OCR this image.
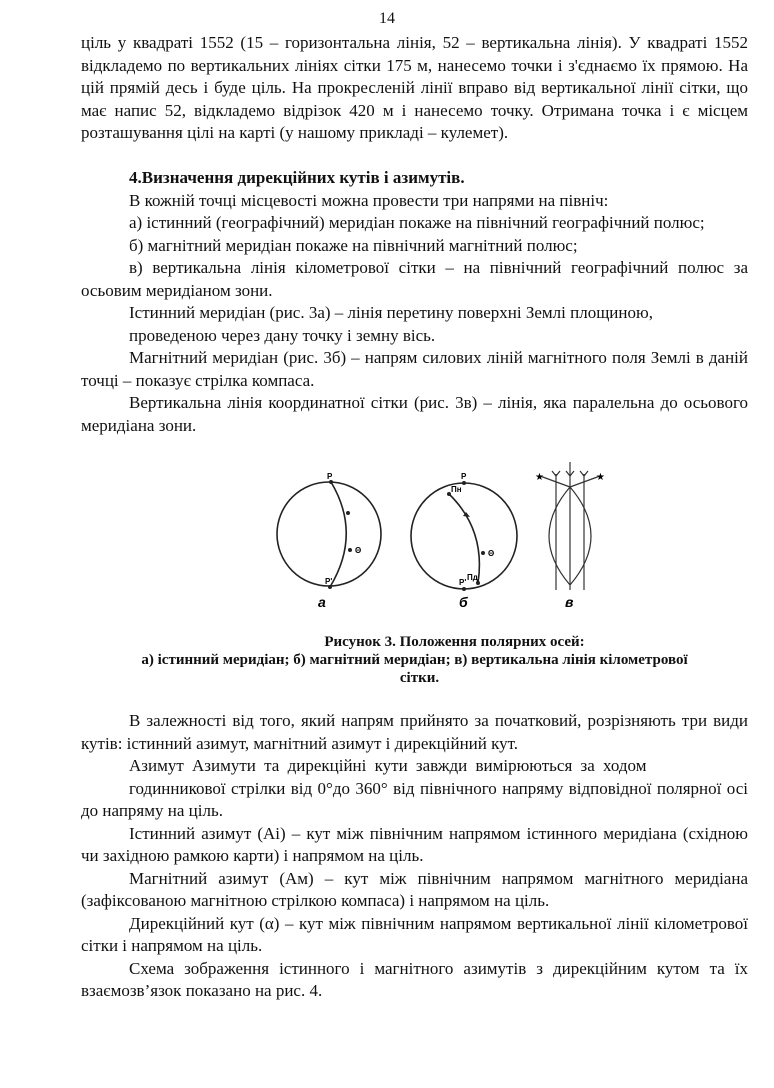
14

ціль у квадраті 1552 (15 – горизонтальна лінія, 52 – вертикальна лінія). У квадраті 1552 відкладемо по вертикальних лініях сітки 175 м, нанесемо точки і з'єднаємо їх прямою. На цій прямій десь і буде ціль. На прокресленій лінії вправо від вертикальної лінії сітки, що має напис 52, відкладемо відрізок 420 м і нанесемо точку. Отримана точка і є місцем розташування цілі на карті (у нашому прикладі – кулемет).

4.Визначення дирекційних кутів і азимутів.

В кожній точці місцевості можна провести три напрями на північ:

а) істинний (географічний) меридіан покаже на північний географічний полюс;

б) магнітний меридіан покаже на північний магнітний полюс;

в) вертикальна лінія кілометрової сітки – на північний географічний полюс за осьовим меридіаном зони.

Істинний меридіан (рис. 3а) – лінія перетину поверхні Землі площиною,

проведеною через дану точку і земну вісь.

Магнітний меридіан (рис. 3б) – напрям силових ліній магнітного поля Землі в даній точці – показує стрілка компаса.

Вертикальна лінія координатної сітки (рис. 3в) – лінія, яка паралельна до осьового меридіана зони.

P
P'
Θ
а
P
Пн
P'
Пд
Θ
б
★	★
в
Рисунок 3. Положення полярних осей:
а) істинний меридіан; б) магнітний меридіан; в) вертикальна лінія кілометрової
сітки.

В залежності від того, який напрям прийнято за початковий, розрізняють три види кутів: істинний азимут, магнітний азимут і дирекційний кут.

Азимут Азимути та дирекційні кути завжди вимірюються за ходом

годинникової стрілки від 0°до 360° від північного напряму відповідної полярної осі до напряму на ціль.

Істинний азимут (Аі) – кут між північним напрямом істинного меридіана (східною чи західною рамкою карти) і напрямом на ціль.

Магнітний азимут (Ам) – кут між північним напрямом магнітного меридіана (зафіксованою магнітною стрілкою компаса) і напрямом на ціль.

Дирекційний кут (α) – кут між північним напрямом вертикальної лінії кілометрової сітки і напрямом на ціль.

Схема зображення істинного і магнітного азимутів з дирекційним кутом та їх взаємозв’язок показано на рис. 4.
